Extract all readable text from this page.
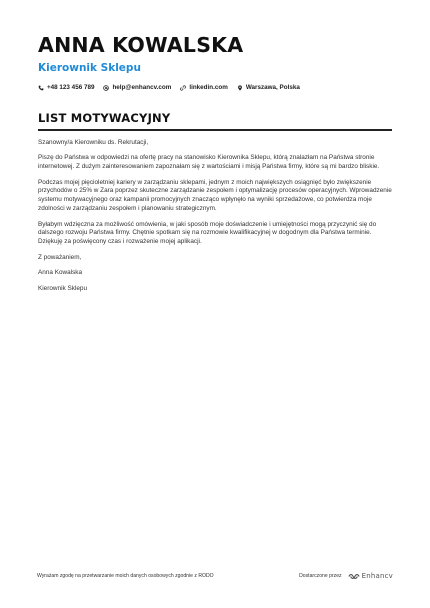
ANNA KOWALSKA
Kierownik Sklepu
+48 123 456 789	help@enhancv.com	linkedin.com	Warszawa, Polska
LIST MOTYWACYJNY

Szanowny/a Kierowniku ds. Rekrutacji,

Piszę do Państwa w odpowiedzi na ofertę pracy na stanowisko Kierownika Sklepu, którą znalazłam na Państwa stronie internetowej. Z dużym zainteresowaniem zapoznałam się z wartościami i misją Państwa firmy, które są mi bardzo bliskie.

Podczas mojej pięcioletniej kariery w zarządzaniu sklepami, jednym z moich największych osiągnięć było zwiększenie przychodów o 25% w Zara poprzez skuteczne zarządzanie zespołem i optymalizację procesów operacyjnych. Wprowadzenie systemu motywacyjnego oraz kampanii promocyjnych znacząco wpłynęło na wyniki sprzedażowe, co potwierdza moje zdolności w zarządzaniu zespołem i planowaniu strategicznym.

Byłabym wdzięczna za możliwość omówienia, w jaki sposób moje doświadczenie i umiejętności mogą przyczynić się do dalszego rozwoju Państwa firmy. Chętnie spotkam się na rozmowie kwalifikacyjnej w dogodnym dla Państwa terminie. Dziękuję za poświęcony czas i rozważenie mojej aplikacji.

Z poważaniem,

Anna Kowalska

Kierownik Sklepu

Wyrażam zgodę na przetwarzanie moich danych osobowych zgodnie z RODO	Dostarczone przez	Enhancv
